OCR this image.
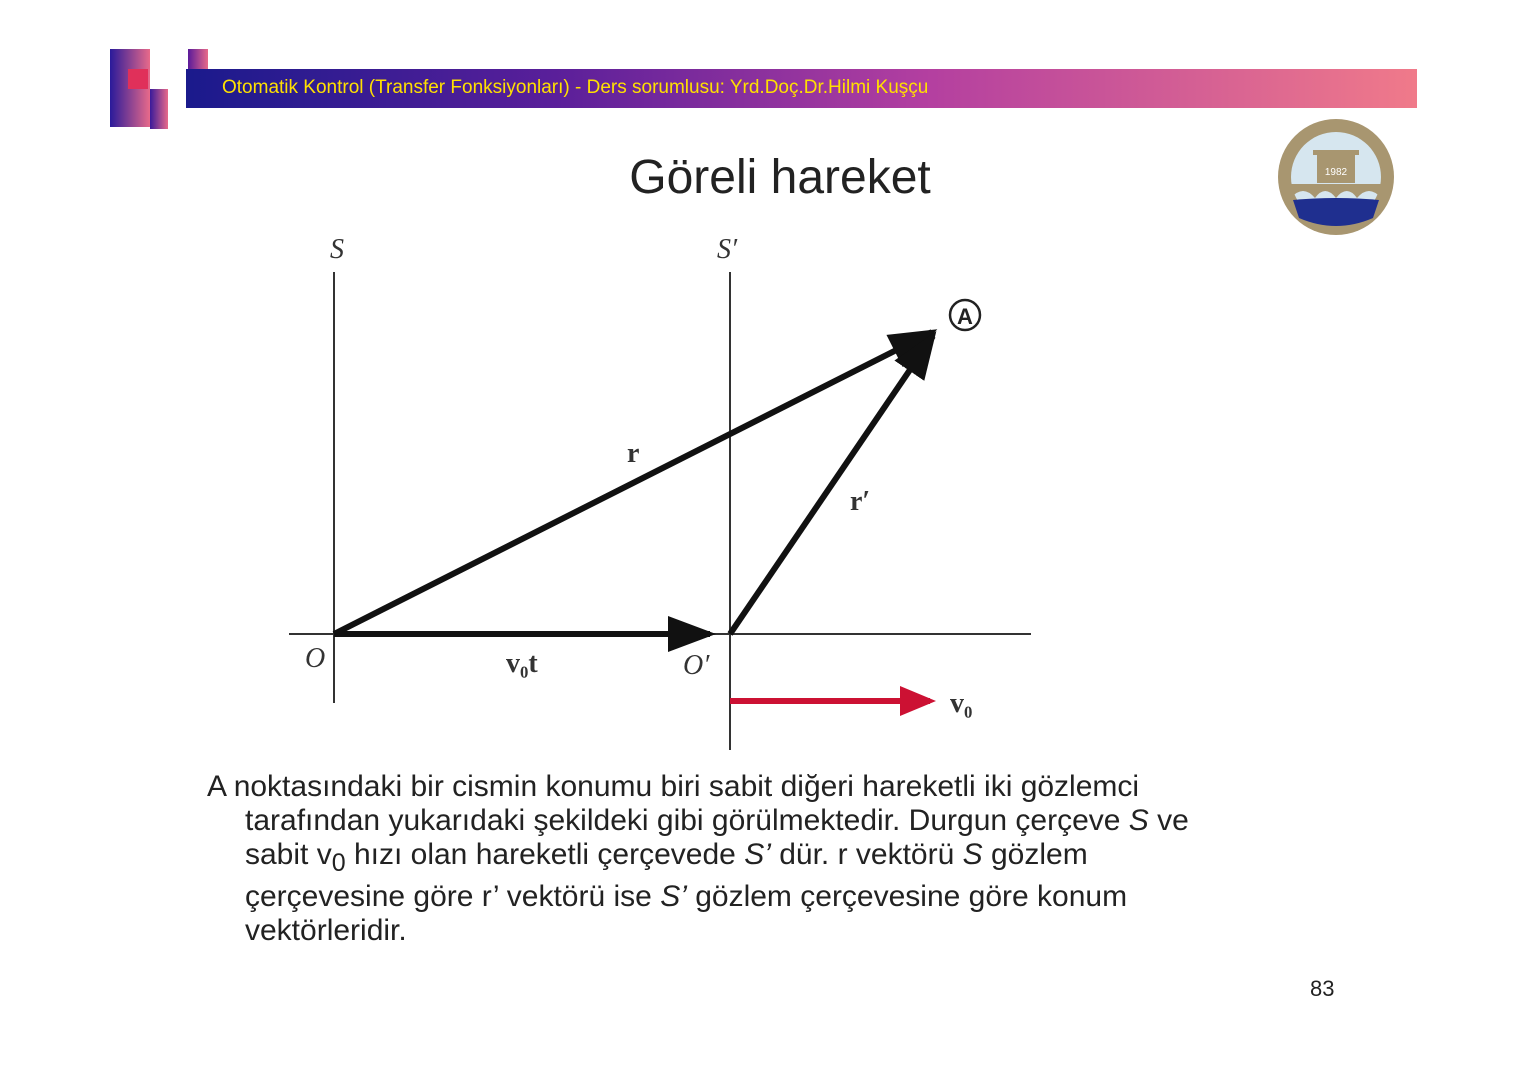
Otomatik Kontrol (Transfer Fonksiyonları) - Ders sorumlusu: Yrd.Doç.Dr.Hilmi Kuşçu
1982
Göreli hareket
S	S′
O	O′
A
r
r′
v₀t
v₀
A noktasındaki bir cismin konumu biri sabit diğeri hareketli iki gözlemci
tarafından yukarıdaki şekildeki gibi görülmektedir. Durgun çerçeve S ve
sabit $v_0$ hızı olan hareketli çerçevede S’ dür. r vektörü S gözlem
çerçevesine göre r’ vektörü ise S’ gözlem çerçevesine göre konum
vektörleridir.
83
